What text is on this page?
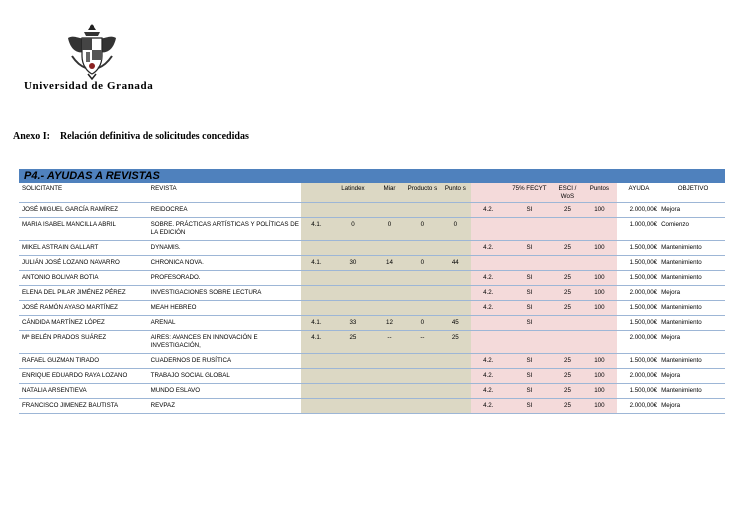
Universidad de Granada
Anexo I: Relación definitiva de solicitudes concedidas
P4.- AYUDAS A REVISTAS
SOLICITANTE	REVISTA		Latindex	Miar	Producto s	Punto s		75% FECYT	ESCI / WoS	Puntos	AYUDA	OBJETIVO
JOSÉ MIGUEL GARCÍA RAMÍREZ	REIDOCREA						4.2.	SI	25	100	2.000,00€	Mejora
MARIA ISABEL MANCILLA ABRIL	SOBRE. PRÁCTICAS ARTÍSTICAS Y POLÍTICAS DE LA EDICIÓN	4.1.	0	0	0	0					1.000,00€	Comienzo
MIKEL ASTRAIN GALLART	DYNAMIS.						4.2.	SI	25	100	1.500,00€	Mantenimiento
JULIÁN JOSÉ LOZANO NAVARRO	CHRONICA NOVA.	4.1.	30	14	0	44					1.500,00€	Mantenimiento
ANTONIO BOLIVAR BOTIA	PROFESORADO.						4.2.	SI	25	100	1.500,00€	Mantenimiento
ELENA DEL PILAR JIMÉNEZ PÉREZ	INVESTIGACIONES SOBRE LECTURA						4.2.	SI	25	100	2.000,00€	Mejora
JOSÉ RAMÓN AYASO MARTÍNEZ	MEAH HEBREO						4.2.	SI	25	100	1.500,00€	Mantenimiento
CÁNDIDA MARTÍNEZ LÓPEZ	ARENAL	4.1.	33	12	0	45		SI			1.500,00€	Mantenimiento
Mª BELÉN PRADOS SUÁREZ	AIRES: AVANCES EN INNOVACIÓN E INVESTIGACIÓN,	4.1.	25	--	--	25					2.000,00€	Mejora
RAFAEL GUZMAN TIRADO	CUADERNOS DE RUSÍTICA						4.2.	SI	25	100	1.500,00€	Mantenimiento
ENRIQUE EDUARDO RAYA LOZANO	TRABAJO SOCIAL GLOBAL						4.2.	SI	25	100	2.000,00€	Mejora
NATALIA ARSENTIEVA	MUNDO ESLAVO						4.2.	SI	25	100	1.500,00€	Mantenimiento
FRANCISCO JIMENEZ BAUTISTA	REVPAZ						4.2.	SI	25	100	2.000,00€	Mejora
